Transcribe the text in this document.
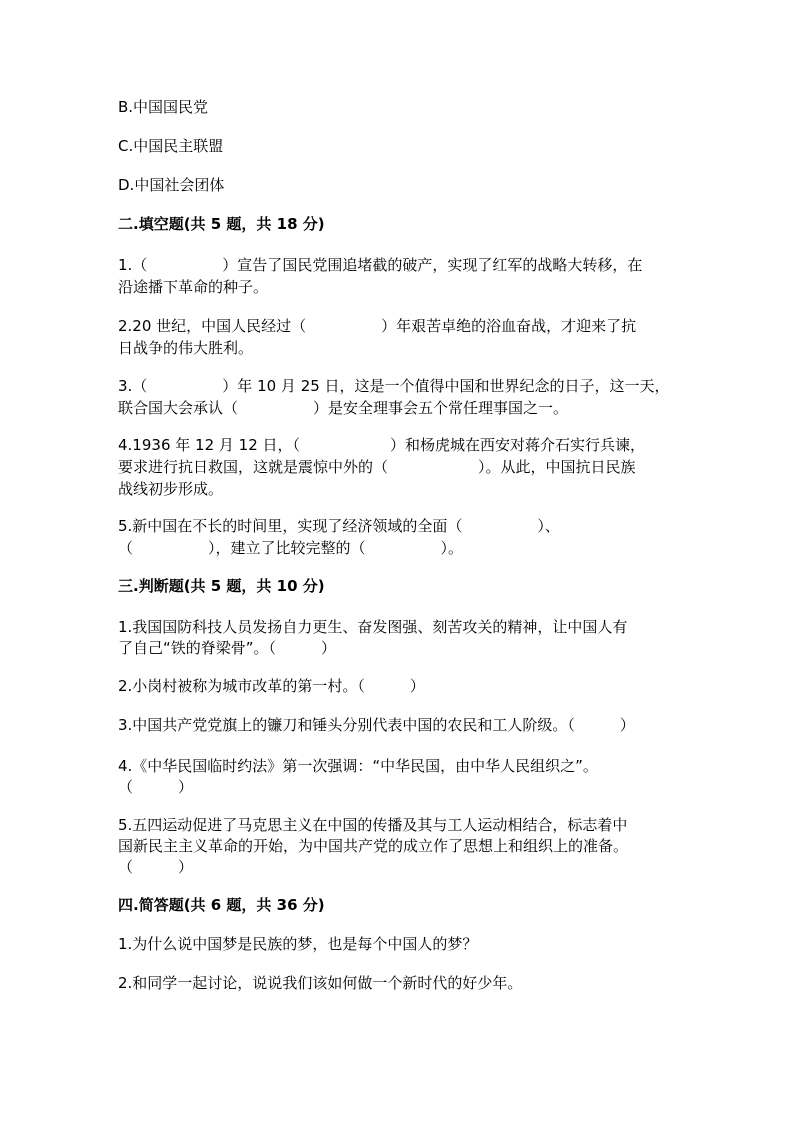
B.中国国民党
C.中国民主联盟
D.中国社会团体
二.填空题(共 5 题，共 18 分)
1.（　　　　　）宣告了国民党围追堵截的破产，实现了红军的战略大转移，在
沿途播下革命的种子。
2.20 世纪，中国人民经过（　　　　　）年艰苦卓绝的浴血奋战，才迎来了抗
日战争的伟大胜利。
3.（　　　　　）年 10 月 25 日，这是一个值得中国和世界纪念的日子，这一天，
联合国大会承认（　　　　　）是安全理事会五个常任理事国之一。
4.1936 年 12 月 12 日，（　　　　　　）和杨虎城在西安对蒋介石实行兵谏，
要求进行抗日救国，这就是震惊中外的（　　　　　　）。从此，中国抗日民族
战线初步形成。
5.新中国在不长的时间里，实现了经济领域的全面（　　　　　）、
（　　　　　），建立了比较完整的（　　　　　）。
三.判断题(共 5 题，共 10 分)
1.我国国防科技人员发扬自力更生、奋发图强、刻苦攻关的精神，让中国人有
了自己“铁的脊梁骨”。（　　　）
2.小岗村被称为城市改革的第一村。（　　　）
3.中国共产党党旗上的镰刀和锤头分别代表中国的农民和工人阶级。（　　　）
4.《中华民国临时约法》第一次强调：“中华民国，由中华人民组织之”。
（　　　）
5.五四运动促进了马克思主义在中国的传播及其与工人运动相结合，标志着中
国新民主主义革命的开始，为中国共产党的成立作了思想上和组织上的准备。
（　　　）
四.简答题(共 6 题，共 36 分)
1.为什么说中国梦是民族的梦，也是每个中国人的梦？
2.和同学一起讨论，说说我们该如何做一个新时代的好少年。
